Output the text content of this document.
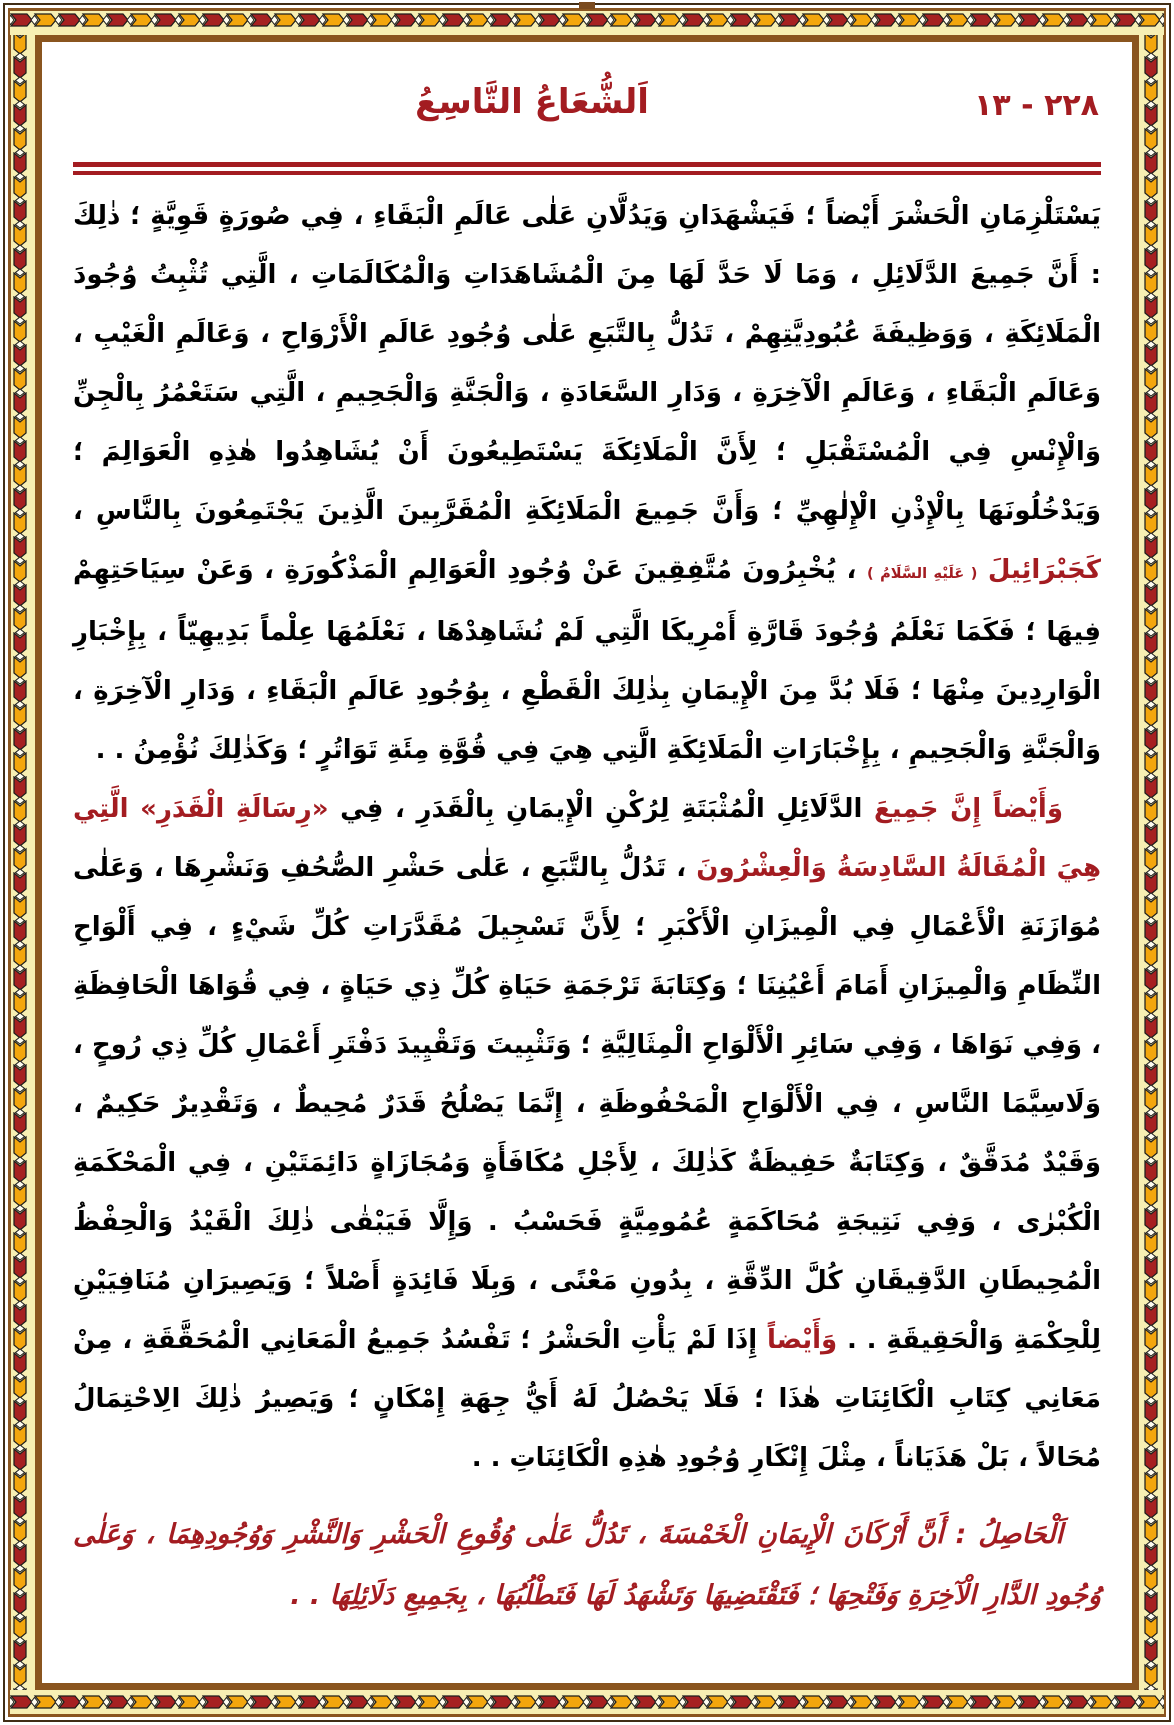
اَلشُّعَاعُ التَّاسِعُ	٢٢٨ - ١٣

يَسْتَلْزِمَانِ الْحَشْرَ أَيْضاً ؛ فَيَشْهَدَانِ وَيَدُلَّانِ عَلٰى عَالَمِ الْبَقَاءِ ، فِي صُورَةٍ قَوِيَّةٍ ؛ ذٰلِكَ : أَنَّ جَمِيعَ الدَّلَائِلِ ، وَمَا لَا حَدَّ لَهَا مِنَ الْمُشَاهَدَاتِ وَالْمُكَالَمَاتِ ، الَّتِي تُثْبِتُ وُجُودَ الْمَلَائِكَةِ ، وَوَظِيفَةَ عُبُودِيَّتِهِمْ ، تَدُلُّ بِالتَّبَعِ عَلٰى وُجُودِ عَالَمِ الْأَرْوَاحِ ، وَعَالَمِ الْغَيْبِ ، وَعَالَمِ الْبَقَاءِ ، وَعَالَمِ الْآخِرَةِ ، وَدَارِ السَّعَادَةِ ، وَالْجَنَّةِ وَالْجَحِيمِ ، الَّتِي سَتَعْمُرُ بِالْجِنِّ وَالْإِنْسِ فِي الْمُسْتَقْبَلِ ؛ لِأَنَّ الْمَلَائِكَةَ يَسْتَطِيعُونَ أَنْ يُشَاهِدُوا هٰذِهِ الْعَوَالِمَ ؛ وَيَدْخُلُونَهَا بِالْإِذْنِ الْإِلٰهِيِّ ؛ وَأَنَّ جَمِيعَ الْمَلَائِكَةِ الْمُقَرَّبِينَ الَّذِينَ يَجْتَمِعُونَ بِالنَّاسِ ، كَجَبْرَائِيلَ ( عَلَيْهِ السَّلَامُ ) ، يُخْبِرُونَ مُتَّفِقِينَ عَنْ وُجُودِ الْعَوَالِمِ الْمَذْكُورَةِ ، وَعَنْ سِيَاحَتِهِمْ فِيهَا ؛ فَكَمَا نَعْلَمُ وُجُودَ قَارَّةِ أَمْرِيكَا الَّتِي لَمْ نُشَاهِدْهَا ، نَعْلَمُهَا عِلْماً بَدِيهِيّاً ، بِإِخْبَارِ الْوَارِدِينَ مِنْهَا ؛ فَلَا بُدَّ مِنَ الْإِيمَانِ بِذٰلِكَ الْقَطْعِ ، بِوُجُودِ عَالَمِ الْبَقَاءِ ، وَدَارِ الْآخِرَةِ ، وَالْجَنَّةِ وَالْجَحِيمِ ، بِإِخْبَارَاتِ الْمَلَائِكَةِ الَّتِي هِيَ فِي قُوَّةِ مِئَةِ تَوَاتُرٍ ؛ وَكَذٰلِكَ نُؤْمِنُ . .

وَأَيْضاً إِنَّ جَمِيعَ الدَّلَائِلِ الْمُثْبَتَةِ لِرُكْنِ الْإِيمَانِ بِالْقَدَرِ ، فِي «رِسَالَةِ الْقَدَرِ» الَّتِي هِيَ الْمُقَالَةُ السَّادِسَةُ وَالْعِشْرُونَ ، تَدُلُّ بِالتَّبَعِ ، عَلٰى حَشْرِ الصُّحُفِ وَنَشْرِهَا ، وَعَلٰى مُوَازَنَةِ الْأَعْمَالِ فِي الْمِيزَانِ الْأَكْبَرِ ؛ لِأَنَّ تَسْجِيلَ مُقَدَّرَاتِ كُلِّ شَيْءٍ ، فِي أَلْوَاحِ النِّظَامِ وَالْمِيزَانِ أَمَامَ أَعْيُنِنَا ؛ وَكِتَابَةَ تَرْجَمَةِ حَيَاةِ كُلِّ ذِي حَيَاةٍ ، فِي قُوَاهَا الْحَافِظَةِ ، وَفِي نَوَاهَا ، وَفِي سَائِرِ الْأَلْوَاحِ الْمِثَالِيَّةِ ؛ وَتَثْبِيتَ وَتَقْيِيدَ دَفْتَرِ أَعْمَالِ كُلِّ ذِي رُوحٍ ، وَلَاسِيَّمَا النَّاسِ ، فِي الْأَلْوَاحِ الْمَحْفُوظَةِ ، إِنَّمَا يَصْلُحُ قَدَرٌ مُحِيطٌ ، وَتَقْدِيرٌ حَكِيمٌ ، وَقَيْدٌ مُدَقَّقٌ ، وَكِتَابَةٌ حَفِيظَةٌ كَذٰلِكَ ، لِأَجْلِ مُكَافَأَةٍ وَمُجَازَاةٍ دَائِمَتَيْنِ ، فِي الْمَحْكَمَةِ الْكُبْرٰى ، وَفِي نَتِيجَةِ مُحَاكَمَةٍ عُمُومِيَّةٍ فَحَسْبُ . وَإِلَّا فَيَبْقٰى ذٰلِكَ الْقَيْدُ وَالْحِفْظُ الْمُحِيطَانِ الدَّقِيقَانِ كُلَّ الدِّقَّةِ ، بِدُونِ مَعْنًى ، وَبِلَا فَائِدَةٍ أَصْلاً ؛ وَيَصِيرَانِ مُنَافِيَيْنِ لِلْحِكْمَةِ وَالْحَقِيقَةِ . . وَأَيْضاً إِذَا لَمْ يَأْتِ الْحَشْرُ ؛ تَفْسُدُ جَمِيعُ الْمَعَانِي الْمُحَقَّقَةِ ، مِنْ مَعَانِي كِتَابِ الْكَائِنَاتِ هٰذَا ؛ فَلَا يَحْصُلُ لَهُ أَيُّ جِهَةِ إِمْكَانٍ ؛ وَيَصِيرُ ذٰلِكَ الِاحْتِمَالُ مُحَالاً ، بَلْ هَذَيَاناً ، مِثْلَ إِنْكَارِ وُجُودِ هٰذِهِ الْكَائِنَاتِ . .

اَلْحَاصِلُ : أَنَّ أَرْكَانَ الْإِيمَانِ الْخَمْسَةَ ، تَدُلُّ عَلٰى وُقُوعِ الْحَشْرِ وَالنَّشْرِ وَوُجُودِهِمَا ، وَعَلٰى وُجُودِ الدَّارِ الْآخِرَةِ وَفَتْحِهَا ؛ فَتَقْتَضِيهَا وَتَشْهَدُ لَهَا فَتَطْلُبُهَا ، بِجَمِيعِ دَلَائِلِهَا . .
